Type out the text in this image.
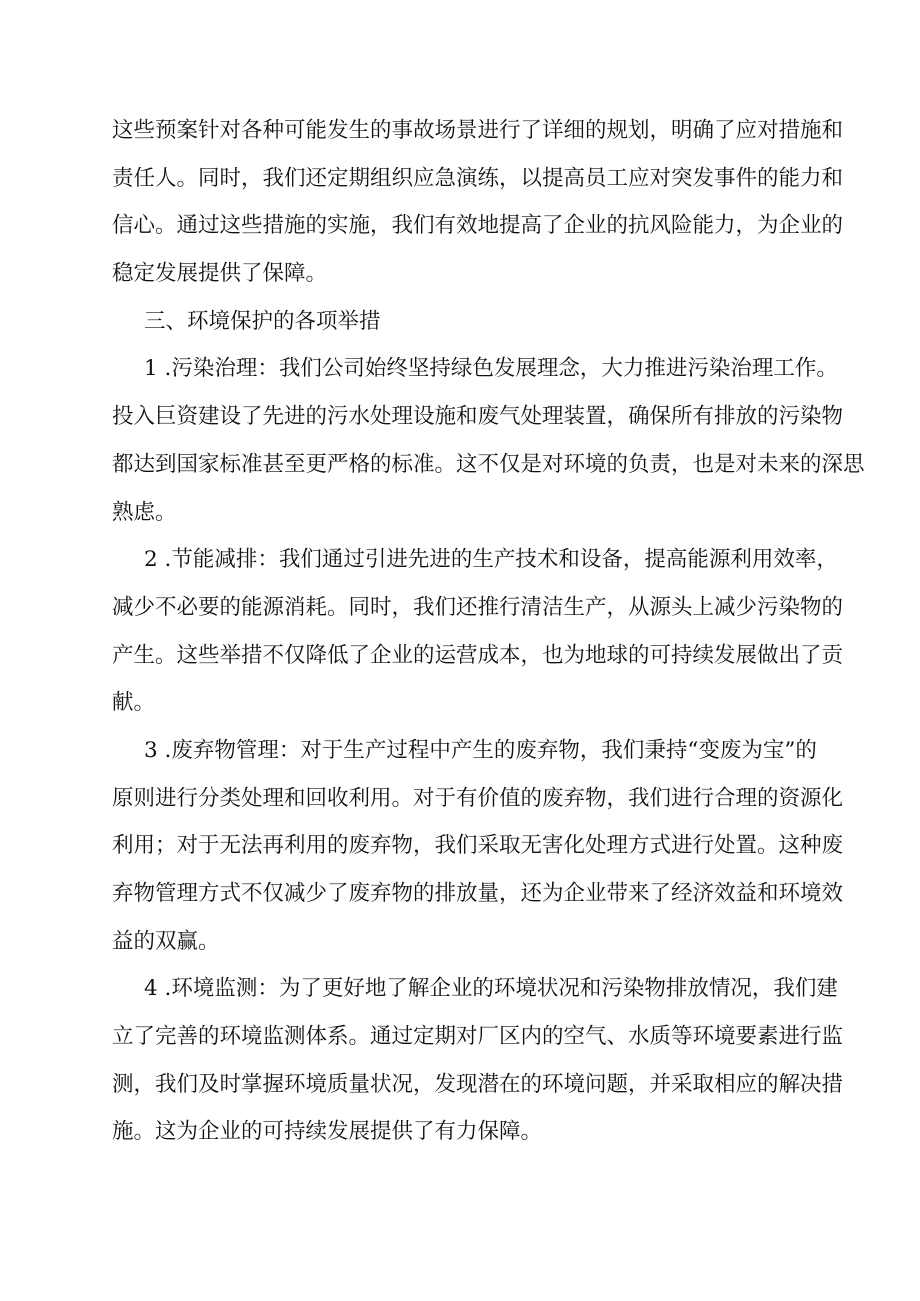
这些预案针对各种可能发生的事故场景进行了详细的规划，明确了应对措施和
责任人。同时，我们还定期组织应急演练，以提高员工应对突发事件的能力和
信心。通过这些措施的实施，我们有效地提高了企业的抗风险能力，为企业的
稳定发展提供了保障。
三、环境保护的各项举措
1 .污染治理：我们公司始终坚持绿色发展理念，大力推进污染治理工作。
投入巨资建设了先进的污水处理设施和废气处理装置，确保所有排放的污染物
都达到国家标准甚至更严格的标准。这不仅是对环境的负责，也是对未来的深思
熟虑。
2 .节能减排：我们通过引进先进的生产技术和设备，提高能源利用效率，
减少不必要的能源消耗。同时，我们还推行清洁生产，从源头上减少污染物的
产生。这些举措不仅降低了企业的运营成本，也为地球的可持续发展做出了贡
献。
3 .废弃物管理：对于生产过程中产生的废弃物，我们秉持“变废为宝”的
原则进行分类处理和回收利用。对于有价值的废弃物，我们进行合理的资源化
利用；对于无法再利用的废弃物，我们采取无害化处理方式进行处置。这种废
弃物管理方式不仅减少了废弃物的排放量，还为企业带来了经济效益和环境效
益的双赢。
4 .环境监测：为了更好地了解企业的环境状况和污染物排放情况，我们建
立了完善的环境监测体系。通过定期对厂区内的空气、水质等环境要素进行监
测，我们及时掌握环境质量状况，发现潜在的环境问题，并采取相应的解决措
施。这为企业的可持续发展提供了有力保障。
